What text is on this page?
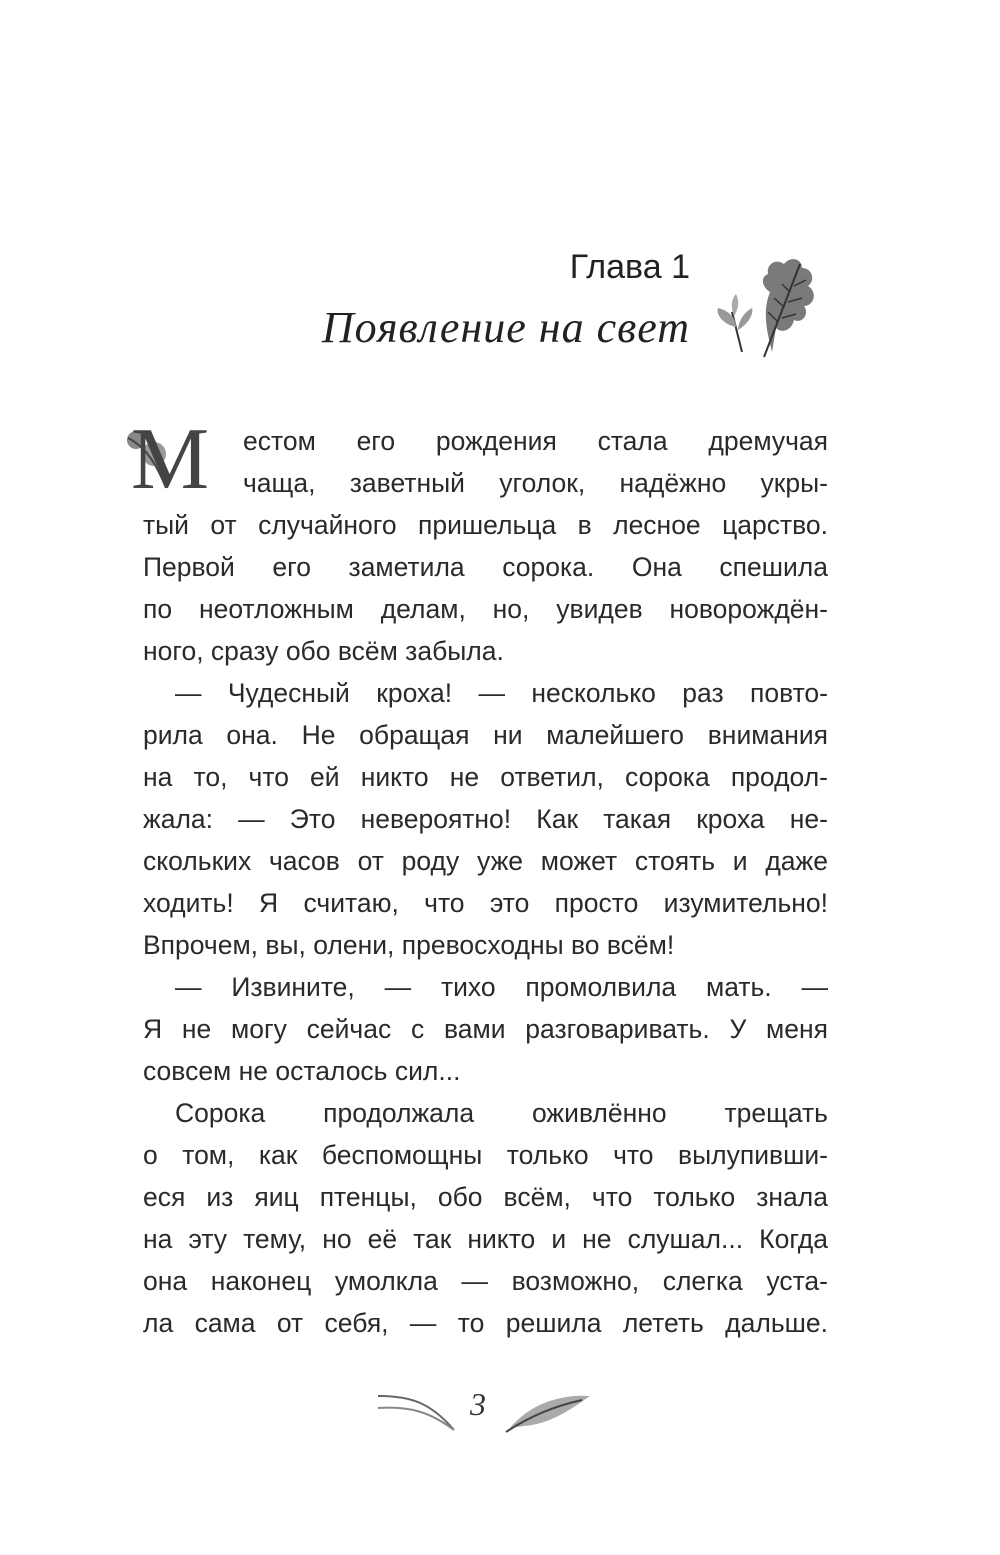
Глава 1
Появление на свет
М	естом его рождения стала дремучая
чаща, заветный уголок, надёжно укры-
тый от случайного пришельца в лесное царство.
Первой его заметила сорока. Она спешила
по неотложным делам, но, увидев новорождён-
ного, сразу обо всём забыла.
— Чудесный кроха! — несколько раз повто-
рила она. Не обращая ни малейшего внимания
на то, что ей никто не ответил, сорока продол-
жала: — Это невероятно! Как такая кроха не-
скольких часов от роду уже может стоять и даже
ходить! Я считаю, что это просто изумительно!
Впрочем, вы, олени, превосходны во всём!
— Извините, — тихо промолвила мать. —
Я не могу сейчас с вами разговаривать. У меня
совсем не осталось сил...
Сорока продолжала оживлённо трещать
о том, как беспомощны только что вылупивши-
еся из яиц птенцы, обо всём, что только знала
на эту тему, но её так никто и не слушал... Когда
она наконец умолкла — возможно, слегка уста-
ла сама от себя, — то решила лететь дальше.
3
